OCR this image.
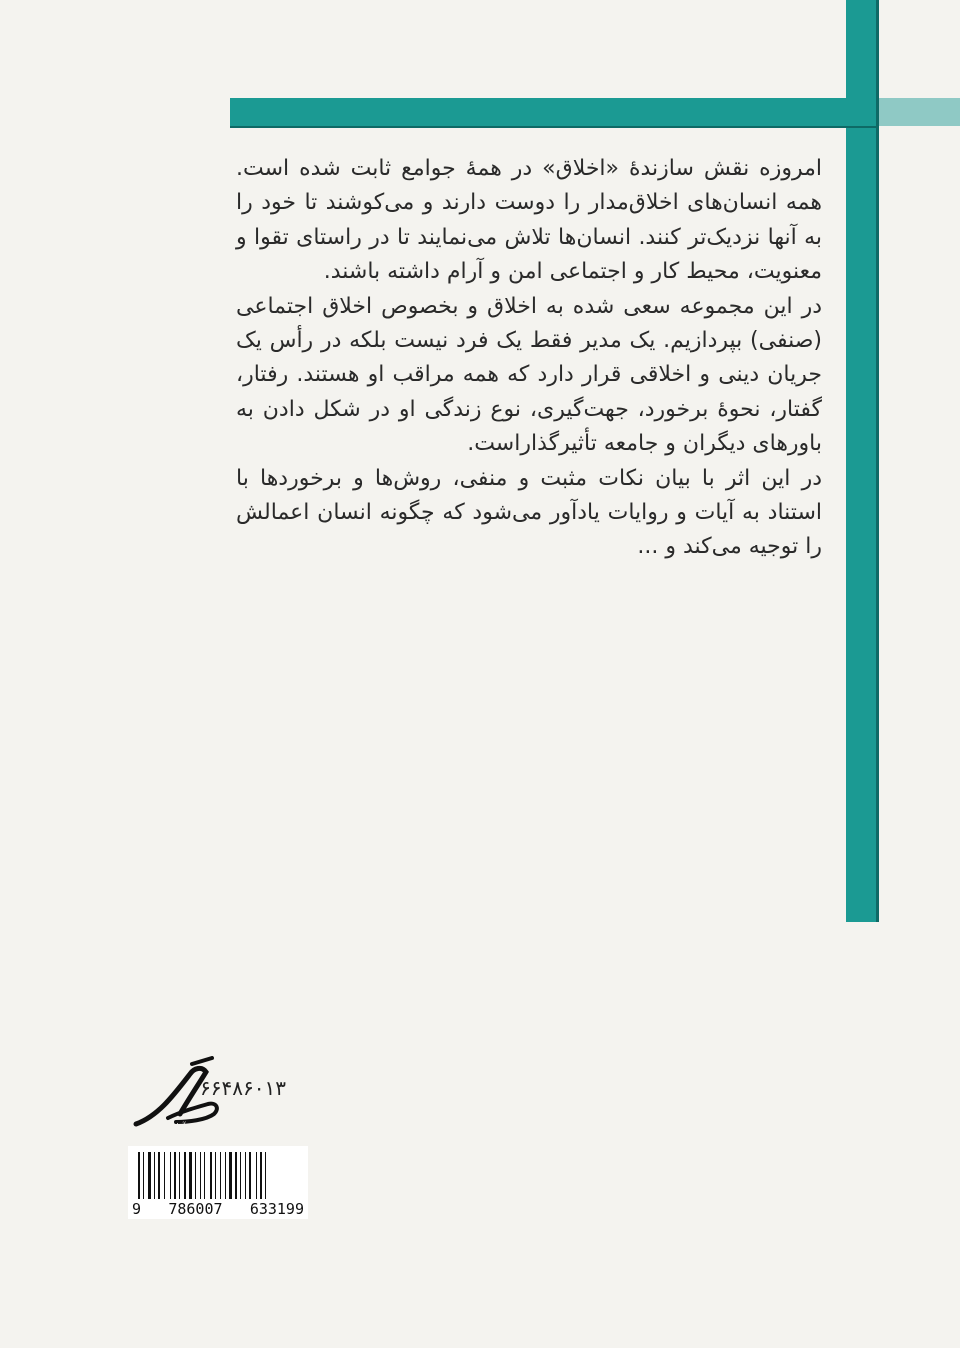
امروزه نقش سازندهٔ «اخلاق» در همهٔ جوامع ثابت شده است. همه انسان‌های اخلاق‌مدار را دوست دارند و می‌کوشند تا خود را به آنها نزدیک‌تر کنند. انسان‌ها تلاش می‌نمایند تا در راستای تقوا و معنویت، محیط کار و اجتماعی امن و آرام داشته باشند.

در این مجموعه سعی شده به اخلاق و بخصوص اخلاق اجتماعی (صنفی) بپردازیم. یک مدیر فقط یک فرد نیست بلکه در رأس یک جریان دینی و اخلاقی قرار دارد که همه مراقب او هستند. رفتار، گفتار، نحوهٔ برخورد، جهت‌گیری، نوع زندگی او در شکل دادن به باورهای دیگران و جامعه تأثیرگذاراست.

در این اثر با بیان نکات مثبت و منفی، روش‌ها و برخوردها با استناد به آیات و روایات یادآور می‌شود که چگونه انسان اعمالش را توجیه می‌کند و ...

آرام
۶۶۴۸۶۰۱۳
9 786007 633199
